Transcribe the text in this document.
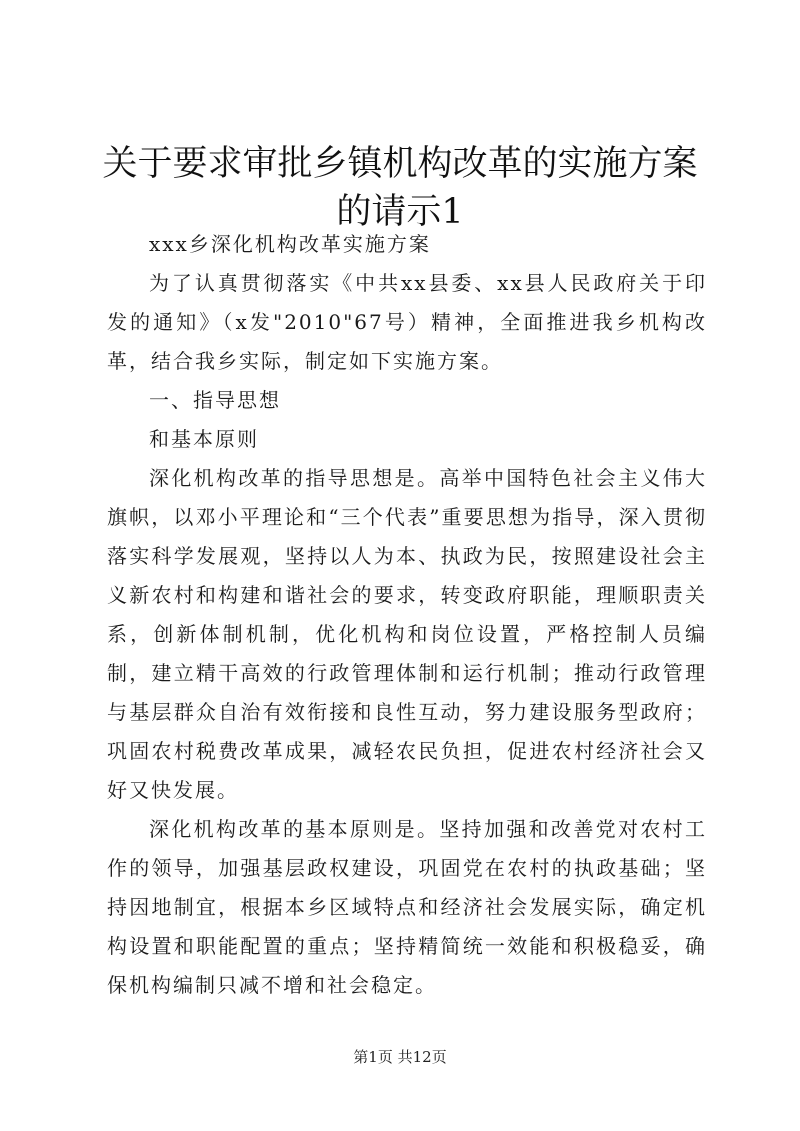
关于要求审批乡镇机构改革的实施方案的请示1

xxx乡深化机构改革实施方案

为了认真贯彻落实《中共xx县委、xx县人民政府关于印发的通知》（x发"2010"67号）精神，全面推进我乡机构改革，结合我乡实际，制定如下实施方案。

一、指导思想

和基本原则

深化机构改革的指导思想是。高举中国特色社会主义伟大旗帜，以邓小平理论和“三个代表”重要思想为指导，深入贯彻落实科学发展观，坚持以人为本、执政为民，按照建设社会主义新农村和构建和谐社会的要求，转变政府职能，理顺职责关系，创新体制机制，优化机构和岗位设置，严格控制人员编制，建立精干高效的行政管理体制和运行机制；推动行政管理与基层群众自治有效衔接和良性互动，努力建设服务型政府；巩固农村税费改革成果，减轻农民负担，促进农村经济社会又好又快发展。

深化机构改革的基本原则是。坚持加强和改善党对农村工作的领导，加强基层政权建设，巩固党在农村的执政基础；坚持因地制宜，根据本乡区域特点和经济社会发展实际，确定机构设置和职能配置的重点；坚持精简统一效能和积极稳妥，确保机构编制只减不增和社会稳定。

第1页 共12页
